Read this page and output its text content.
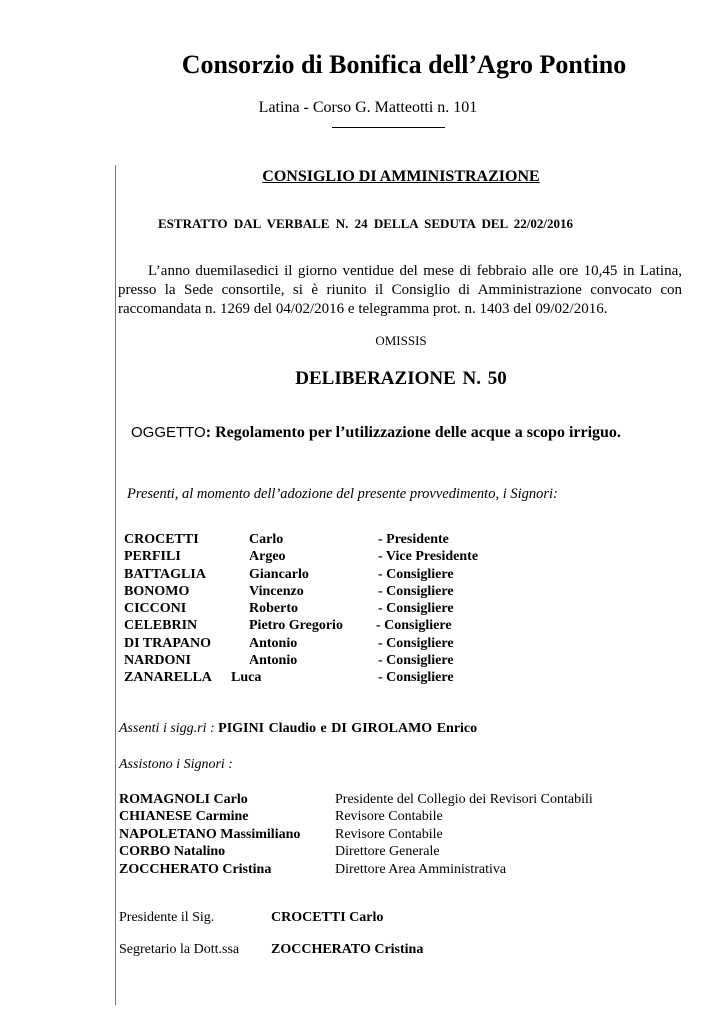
Consorzio di Bonifica dell’Agro Pontino
Latina - Corso G. Matteotti n. 101
CONSIGLIO DI AMMINISTRAZIONE
ESTRATTO DAL VERBALE N. 24 DELLA SEDUTA DEL 22/02/2016
L’anno duemilasedici il giorno ventidue del mese di febbraio alle ore 10,45 in Latina, presso la Sede consortile, si è riunito il Consiglio di Amministrazione convocato con raccomandata n. 1269 del 04/02/2016 e telegramma prot. n. 1403 del 09/02/2016.
OMISSIS
DELIBERAZIONE N. 50
OGGETTO: Regolamento per l’utilizzazione delle acque a scopo irriguo.
Presenti, al momento dell’adozione del presente provvedimento, i Signori:
CROCETTI	Carlo	- Presidente
PERFILI	Argeo	- Vice Presidente
BATTAGLIA	Giancarlo	- Consigliere
BONOMO	Vincenzo	- Consigliere
CICCONI	Roberto	- Consigliere
CELEBRIN	Pietro Gregorio - Consigliere
DI TRAPANO	Antonio	- Consigliere
NARDONI	Antonio	- Consigliere
ZANARELLA Luca	- Consigliere
Assenti i sigg.ri : PIGINI Claudio e DI GIROLAMO Enrico
Assistono i Signori :
ROMAGNOLI Carlo	Presidente del Collegio dei Revisori Contabili
CHIANESE Carmine	Revisore Contabile
NAPOLETANO Massimiliano Revisore Contabile
CORBO Natalino	Direttore Generale
ZOCCHERATO Cristina	Direttore Area Amministrativa
Presidente il Sig.	CROCETTI Carlo
Segretario la Dott.ssa ZOCCHERATO Cristina
